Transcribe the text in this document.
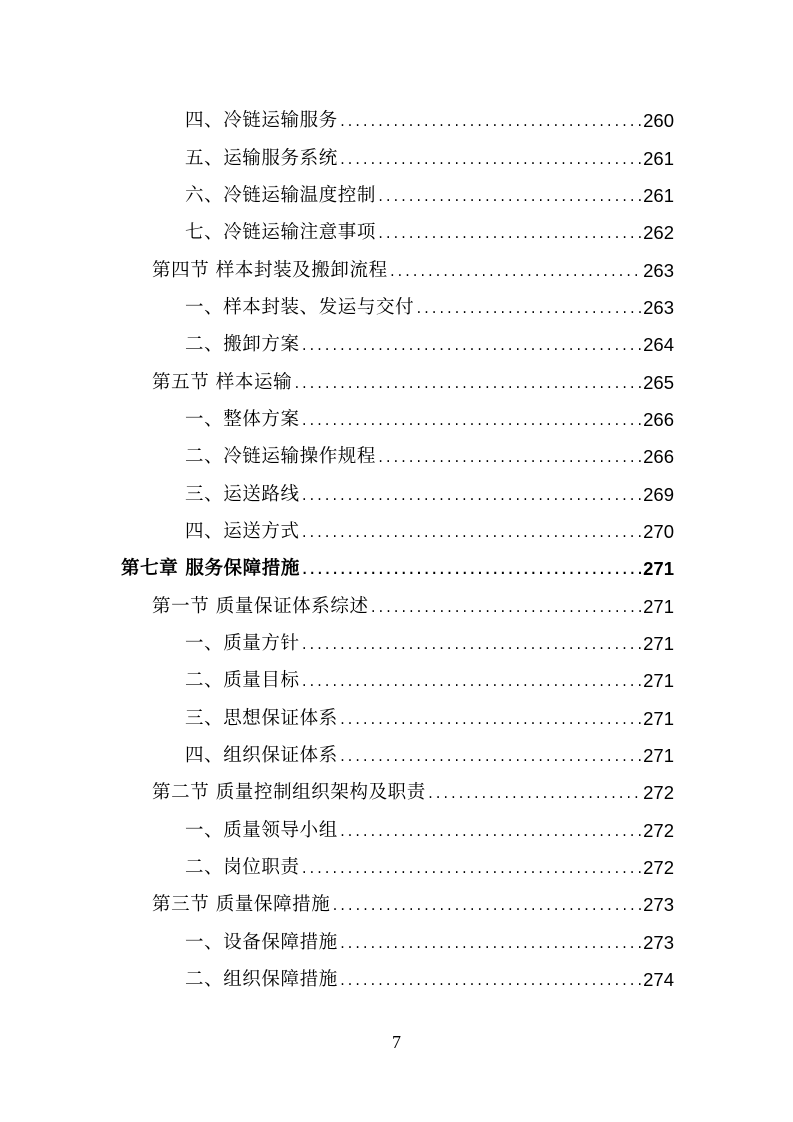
四、冷链运输服务 .....	260
五、运输服务系统 .....	261
六、冷链运输温度控制 .....	261
七、冷链运输注意事项 .....	262
第四节 样本封装及搬卸流程 .....	263
一、样本封装、发运与交付 .....	263
二、搬卸方案 .....	264
第五节 样本运输 .....	265
一、整体方案 .....	266
二、冷链运输操作规程 .....	266
三、运送路线 .....	269
四、运送方式 .....	270
第七章 服务保障措施 .....	271
第一节 质量保证体系综述 .....	271
一、质量方针 .....	271
二、质量目标 .....	271
三、思想保证体系 .....	271
四、组织保证体系 .....	271
第二节 质量控制组织架构及职责 .....	272
一、质量领导小组 .....	272
二、岗位职责 .....	272
第三节 质量保障措施 .....	273
一、设备保障措施 .....	273
二、组织保障措施 .....	274
7
